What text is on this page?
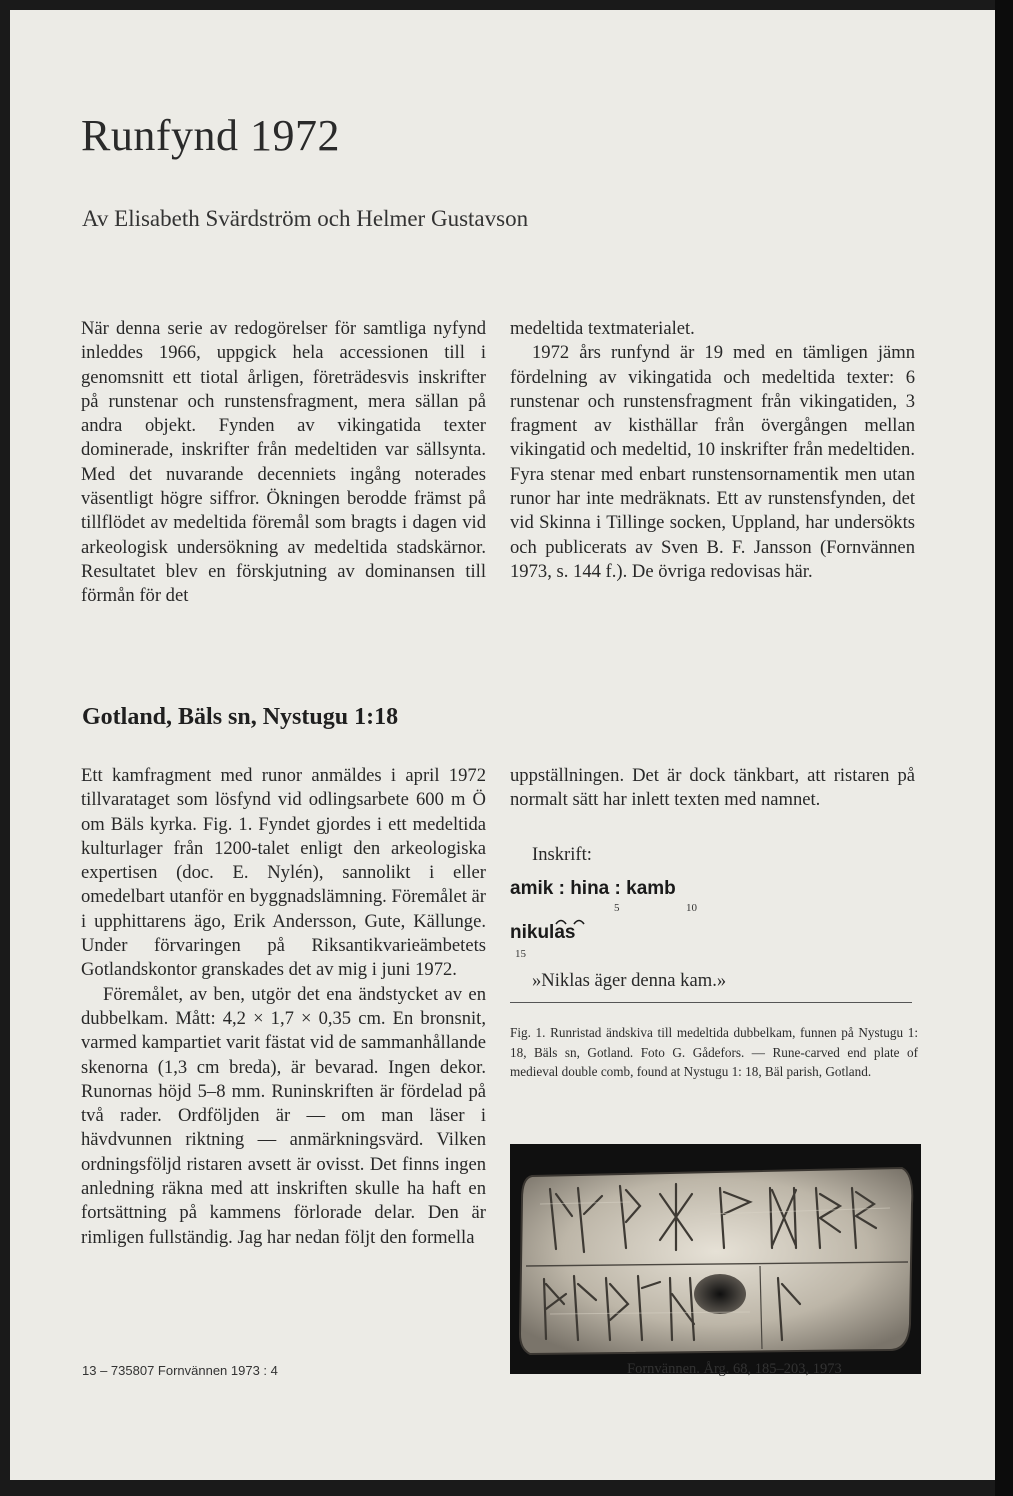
Runfynd 1972

Av Elisabeth Svärdström och Helmer Gustavson

När denna serie av redogörelser för samtliga nyfynd inleddes 1966, uppgick hela accessionen till i genomsnitt ett tiotal årligen, företrädesvis inskrifter på runstenar och runstensfragment, mera sällan på andra objekt. Fynden av vikingatida texter dominerade, inskrifter från medeltiden var sällsynta. Med det nuvarande decenniets ingång noterades väsentligt högre siffror. Ökningen berodde främst på tillflödet av medeltida föremål som bragts i dagen vid arkeologisk undersökning av medeltida stadskärnor. Resultatet blev en förskjutning av dominansen till förmån för det

medeltida textmaterialet.

1972 års runfynd är 19 med en tämligen jämn fördelning av vikingatida och medeltida texter: 6 runstenar och runstensfragment från vikingatiden, 3 fragment av kisthällar från övergången mellan vikingatid och medeltid, 10 inskrifter från medeltiden. Fyra stenar med enbart runstensornamentik men utan runor har inte medräknats. Ett av runstensfynden, det vid Skinna i Tillinge socken, Uppland, har undersökts och publicerats av Sven B. F. Jansson (Fornvännen 1973, s. 144 f.). De övriga redovisas här.

Gotland, Bäls sn, Nystugu 1:18

Ett kamfragment med runor anmäldes i april 1972 tillvarataget som lösfynd vid odlingsarbete 600 m Ö om Bäls kyrka. Fig. 1. Fyndet gjordes i ett medeltida kulturlager från 1200-talet enligt den arkeologiska expertisen (doc. E. Nylén), sannolikt i eller omedelbart utanför en byggnadslämning. Föremålet är i upphittarens ägo, Erik Andersson, Gute, Källunge. Under förvaringen på Riksantikvarieämbetets Gotlandskontor granskades det av mig i juni 1972.

Föremålet, av ben, utgör det ena ändstycket av en dubbelkam. Mått: 4,2 × 1,7 × 0,35 cm. En bronsnit, varmed kampartiet varit fästat vid de sammanhållande skenorna (1,3 cm breda), är bevarad. Ingen dekor. Runornas höjd 5–8 mm. Runinskriften är fördelad på två rader. Ordföljden är — om man läser i hävdvunnen riktning — anmärkningsvärd. Vilken ordningsföljd ristaren avsett är ovisst. Det finns ingen anledning räkna med att inskriften skulle ha haft en fortsättning på kammens förlorade delar. Den är rimligen fullständig. Jag har nedan följt den formella

uppställningen. Det är dock tänkbart, att ristaren på normalt sätt har inlett texten med namnet.

Inskrift:
amik : hina : kamb
5	10
nikulas
15
»Niklas äger denna kam.»

Fig. 1. Runristad ändskiva till medeltida dubbelkam, funnen på Nystugu 1: 18, Bäls sn, Gotland. Foto G. Gådefors. — Rune-carved end plate of medieval double comb, found at Nystugu 1: 18, Bäl parish, Gotland.

13 – 735807 Fornvännen 1973 : 4	Fornvännen. Årg. 68, 185–203, 1973
